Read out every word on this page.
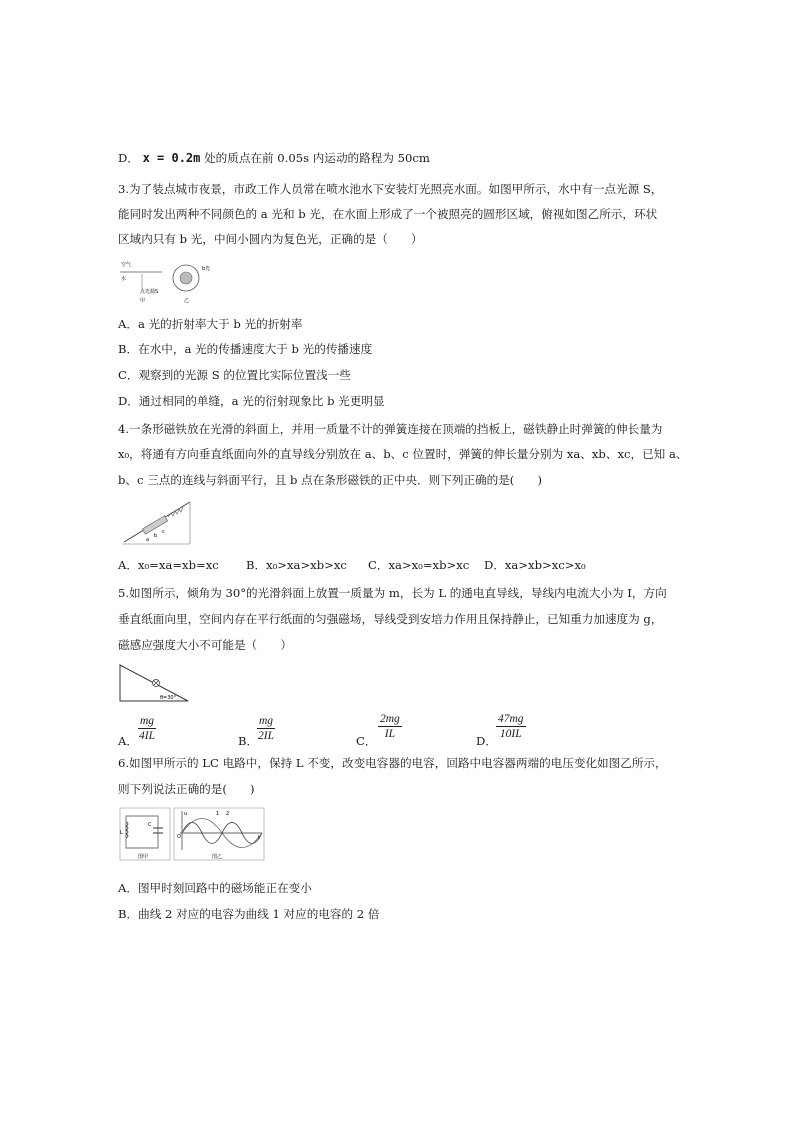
D． x = 0.2m 处的质点在前 0.05s 内运动的路程为 50cm
3.为了装点城市夜景，市政工作人员常在喷水池水下安装灯光照亮水面。如图甲所示，水中有一点光源 S，
能同时发出两种不同颜色的 a 光和 b 光，在水面上形成了一个被照亮的圆形区域，俯视如图乙所示，环状
区域内只有 b 光，中间小圆内为复色光，正确的是（　　）
空气
水
点光源S
甲
b光
乙
A．a 光的折射率大于 b 光的折射率
B．在水中，a 光的传播速度大于 b 光的传播速度
C．观察到的光源 S 的位置比实际位置浅一些
D．通过相同的单缝，a 光的衍射现象比 b 光更明显
4.一条形磁铁放在光滑的斜面上，并用一质量不计的弹簧连接在顶端的挡板上，磁铁静止时弹簧的伸长量为
x₀，将通有方向垂直纸面向外的直导线分别放在 a、b、c 位置时，弹簧的伸长量分别为 xa、xb、xc，已知 a、
b、c 三点的连线与斜面平行，且 b 点在条形磁铁的正中央．则下列正确的是(　　)
a
b
c
A．x₀=xa=xb=xc B．x₀>xa>xb>xc C．xa>x₀=xb>xc D．xa>xb>xc>x₀
5.如图所示，倾角为 30°的光滑斜面上放置一质量为 m，长为 L 的通电直导线，导线内电流大小为 I，方向
垂直纸面向里，空间内存在平行纸面的匀强磁场，导线受到安培力作用且保持静止，已知重力加速度为 g，
磁感应强度大小不可能是（　　）
θ=30°
A． $\frac{mg}{4IL}$	B．
$\frac{mg}{2IL}$	C． $\frac{2mg}{IL}$	D． $\frac{47mg}{10IL}$
6.如图甲所示的 LC 电路中，保持 L 不变，改变电容器的电容，回路中电容器两端的电压变化如图乙所示，
则下列说法正确的是(　　)
L
C
图甲
O
u
t
1 2
图乙
A．图甲时刻回路中的磁场能正在变小
B．曲线 2 对应的电容为曲线 1 对应的电容的 2 倍
